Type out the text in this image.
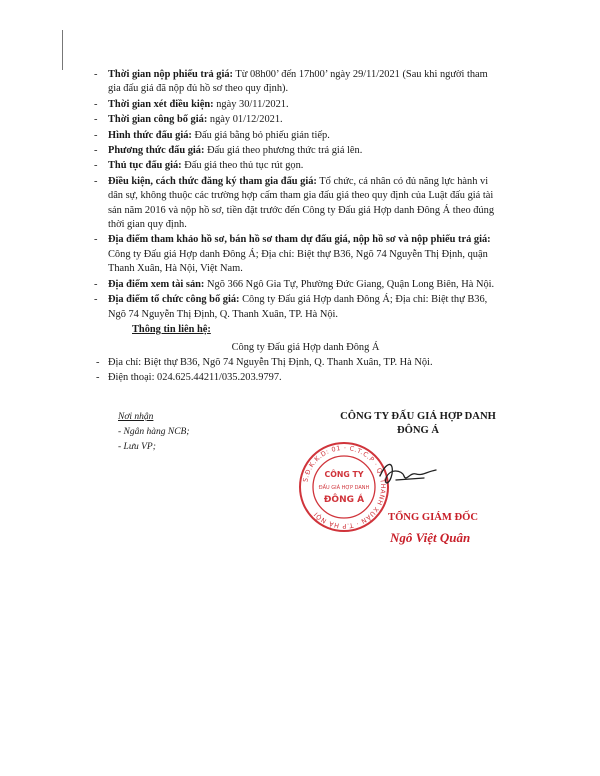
- Thời gian nộp phiếu trả giá: Từ 08h00’ đến 17h00’ ngày 29/11/2021 (Sau khi người tham gia đấu giá đã nộp đủ hồ sơ theo quy định).
- Thời gian xét điều kiện: ngày 30/11/2021.
- Thời gian công bố giá: ngày 01/12/2021.
- Hình thức đấu giá: Đấu giá bằng bỏ phiếu gián tiếp.
- Phương thức đấu giá: Đấu giá theo phương thức trả giá lên.
- Thủ tục đấu giá: Đấu giá theo thủ tục rút gọn.
- Điều kiện, cách thức đăng ký tham gia đấu giá: Tổ chức, cá nhân có đủ năng lực hành vi dân sự, không thuộc các trường hợp cấm tham gia đấu giá theo quy định của Luật đấu giá tài sản năm 2016 và nộp hồ sơ, tiền đặt trước đến Công ty Đấu giá Hợp danh Đông Á theo đúng thời gian quy định.
- Địa điểm tham khảo hồ sơ, bán hồ sơ tham dự đấu giá, nộp hồ sơ và nộp phiếu trả giá: Công ty Đấu giá Hợp danh Đông Á; Địa chỉ: Biệt thự B36, Ngõ 74 Nguyễn Thị Định, quận Thanh Xuân, Hà Nội, Việt Nam.
- Địa điểm xem tài sản: Ngõ 366 Ngô Gia Tự, Phường Đức Giang, Quận Long Biên, Hà Nội.
- Địa điểm tổ chức công bố giá: Công ty Đấu giá Hợp danh Đông Á; Địa chỉ: Biệt thự B36, Ngõ 74 Nguyễn Thị Định, Q. Thanh Xuân, TP. Hà Nội.
Thông tin liên hệ:
Công ty Đấu giá Hợp danh Đông Á
- Địa chỉ: Biệt thự B36, Ngõ 74 Nguyễn Thị Định, Q. Thanh Xuân, TP. Hà Nội.
- Điện thoại: 024.625.44211/035.203.9797.
Nơi nhận
- Ngân hàng NCB;
- Lưu VP;
CÔNG TY ĐẤU GIÁ HỢP DANH
ĐÔNG Á
S.Đ.K.K.D: 01 · C.T.C.P · Q. THANH XUÂN · T.P HÀ NỘI
CÔNG TY
ĐẤU GIÁ HỢP DANH
ĐÔNG Á
TỔNG GIÁM ĐỐC
Ngô Việt Quân
